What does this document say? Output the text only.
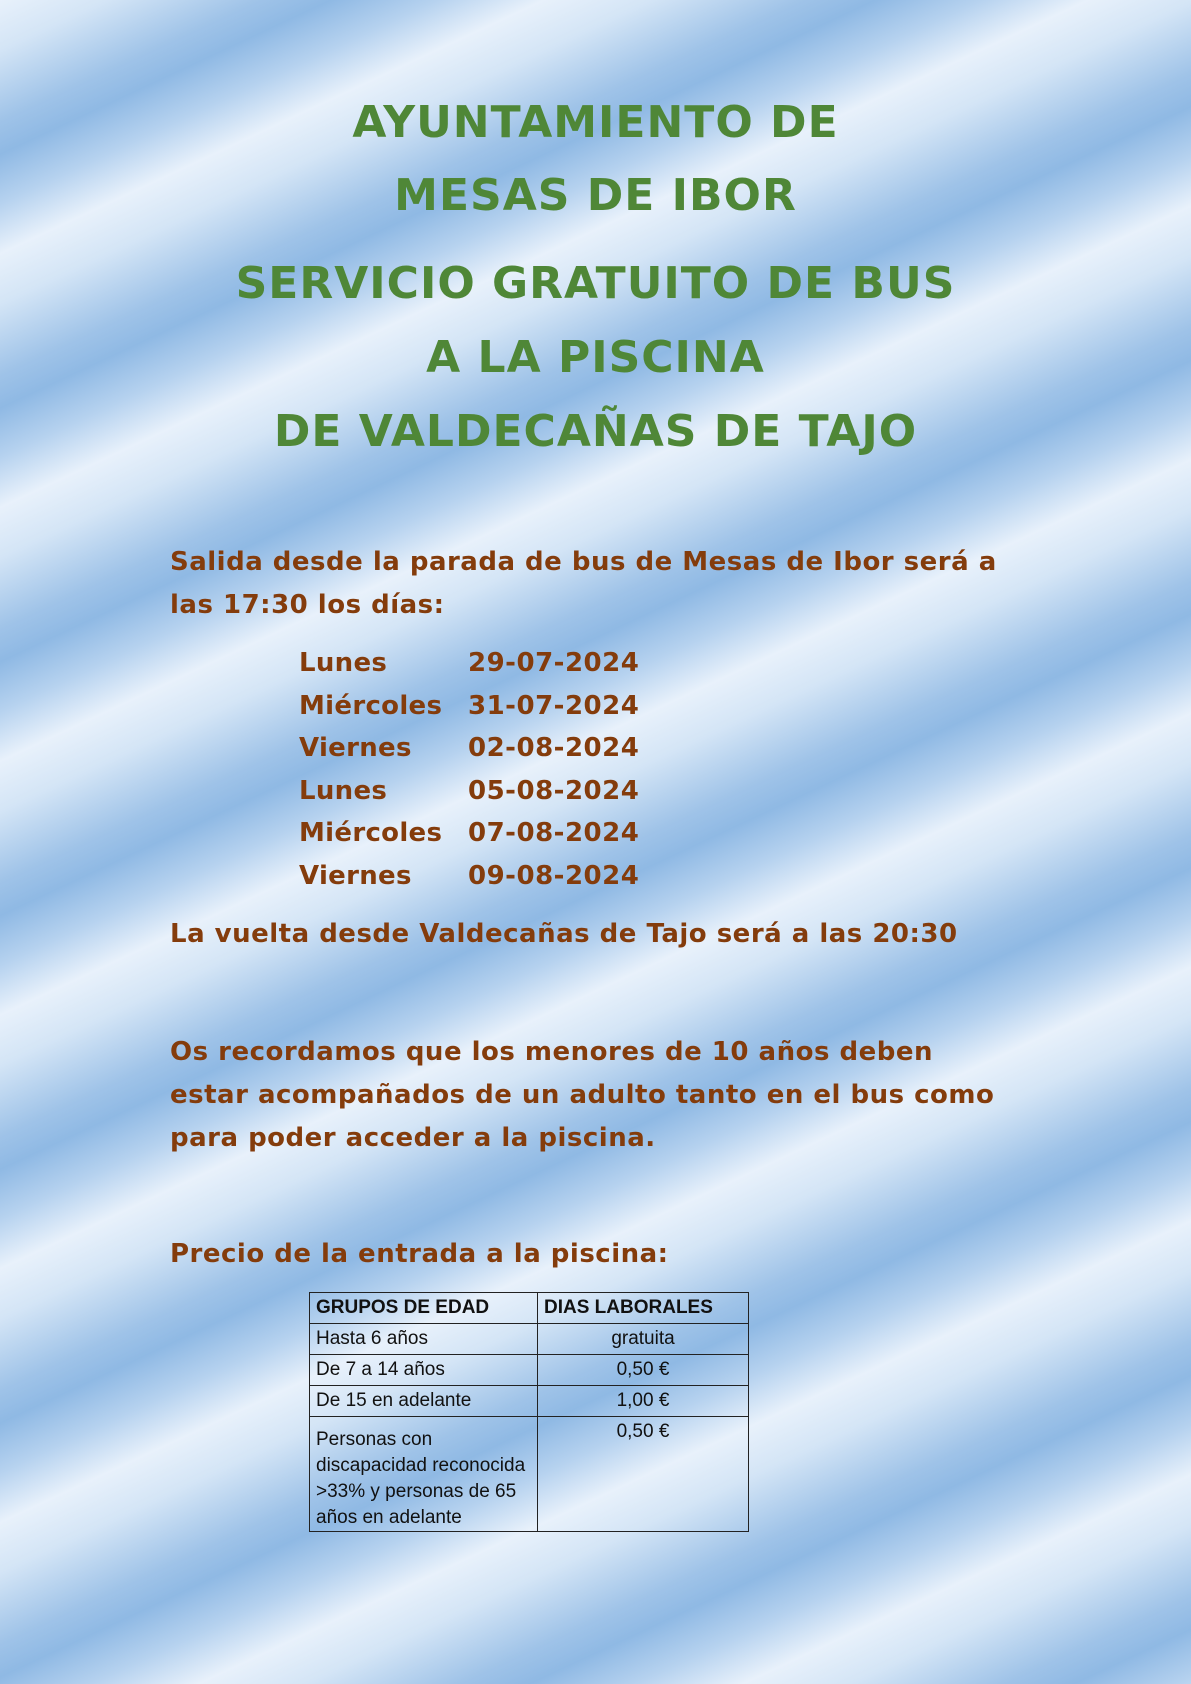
AYUNTAMIENTO DE
MESAS DE IBOR
SERVICIO GRATUITO DE BUS
A LA PISCINA
DE VALDECAÑAS DE TAJO
Salida desde la parada de bus de Mesas de Ibor será a
las 17:30 los días:
Lunes	29-07-2024
Miércoles 31-07-2024
Viernes 02-08-2024
Lunes	05-08-2024
Miércoles 07-08-2024
Viernes 09-08-2024
La vuelta desde Valdecañas de Tajo será a las 20:30
Os recordamos que los menores de 10 años deben
estar acompañados de un adulto tanto en el bus como
para poder acceder a la piscina.
Precio de la entrada a la piscina:
GRUPOS DE EDAD	DIAS LABORALES
Hasta 6 años	gratuita
De 7 a 14 años	0,50 €
De 15 en adelante	1,00 €
Personas con discapacidad reconocida >33% y personas de 65 años en adelante	0,50 €
